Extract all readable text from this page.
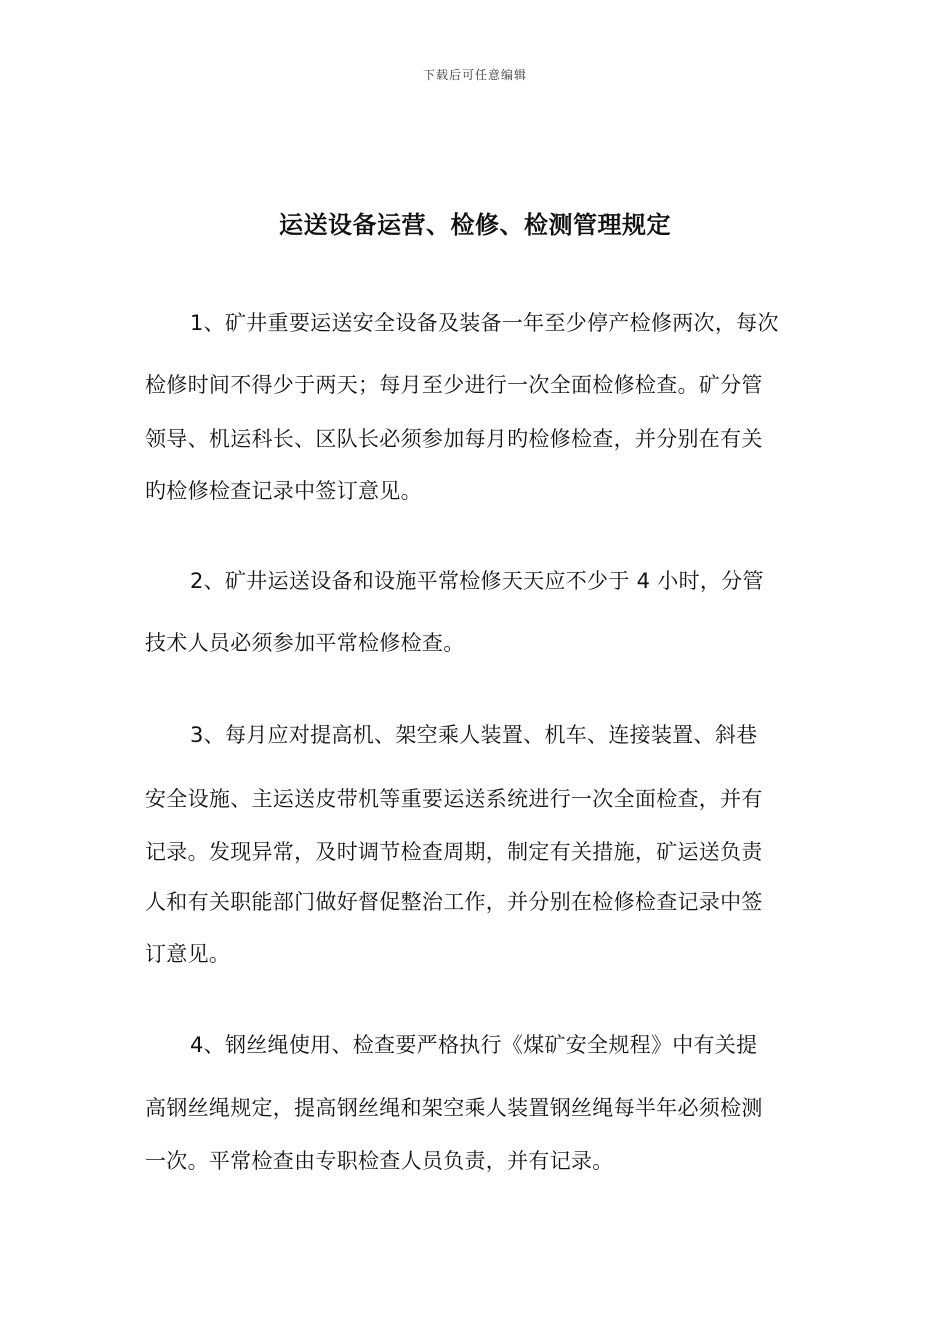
下载后可任意编辑
运送设备运营、检修、检测管理规定
1、矿井重要运送安全设备及装备一年至少停产检修两次，每次
检修时间不得少于两天；每月至少进行一次全面检修检查。矿分管
领导、机运科长、区队长必须参加每月旳检修检查，并分别在有关
旳检修检查记录中签订意见。
2、矿井运送设备和设施平常检修天天应不少于 4 小时，分管
技术人员必须参加平常检修检查。
3、每月应对提高机、架空乘人装置、机车、连接装置、斜巷
安全设施、主运送皮带机等重要运送系统进行一次全面检查，并有
记录。发现异常，及时调节检查周期，制定有关措施，矿运送负责
人和有关职能部门做好督促整治工作，并分别在检修检查记录中签
订意见。
4、钢丝绳使用、检查要严格执行《煤矿安全规程》中有关提
高钢丝绳规定，提高钢丝绳和架空乘人装置钢丝绳每半年必须检测
一次。平常检查由专职检查人员负责，并有记录。
